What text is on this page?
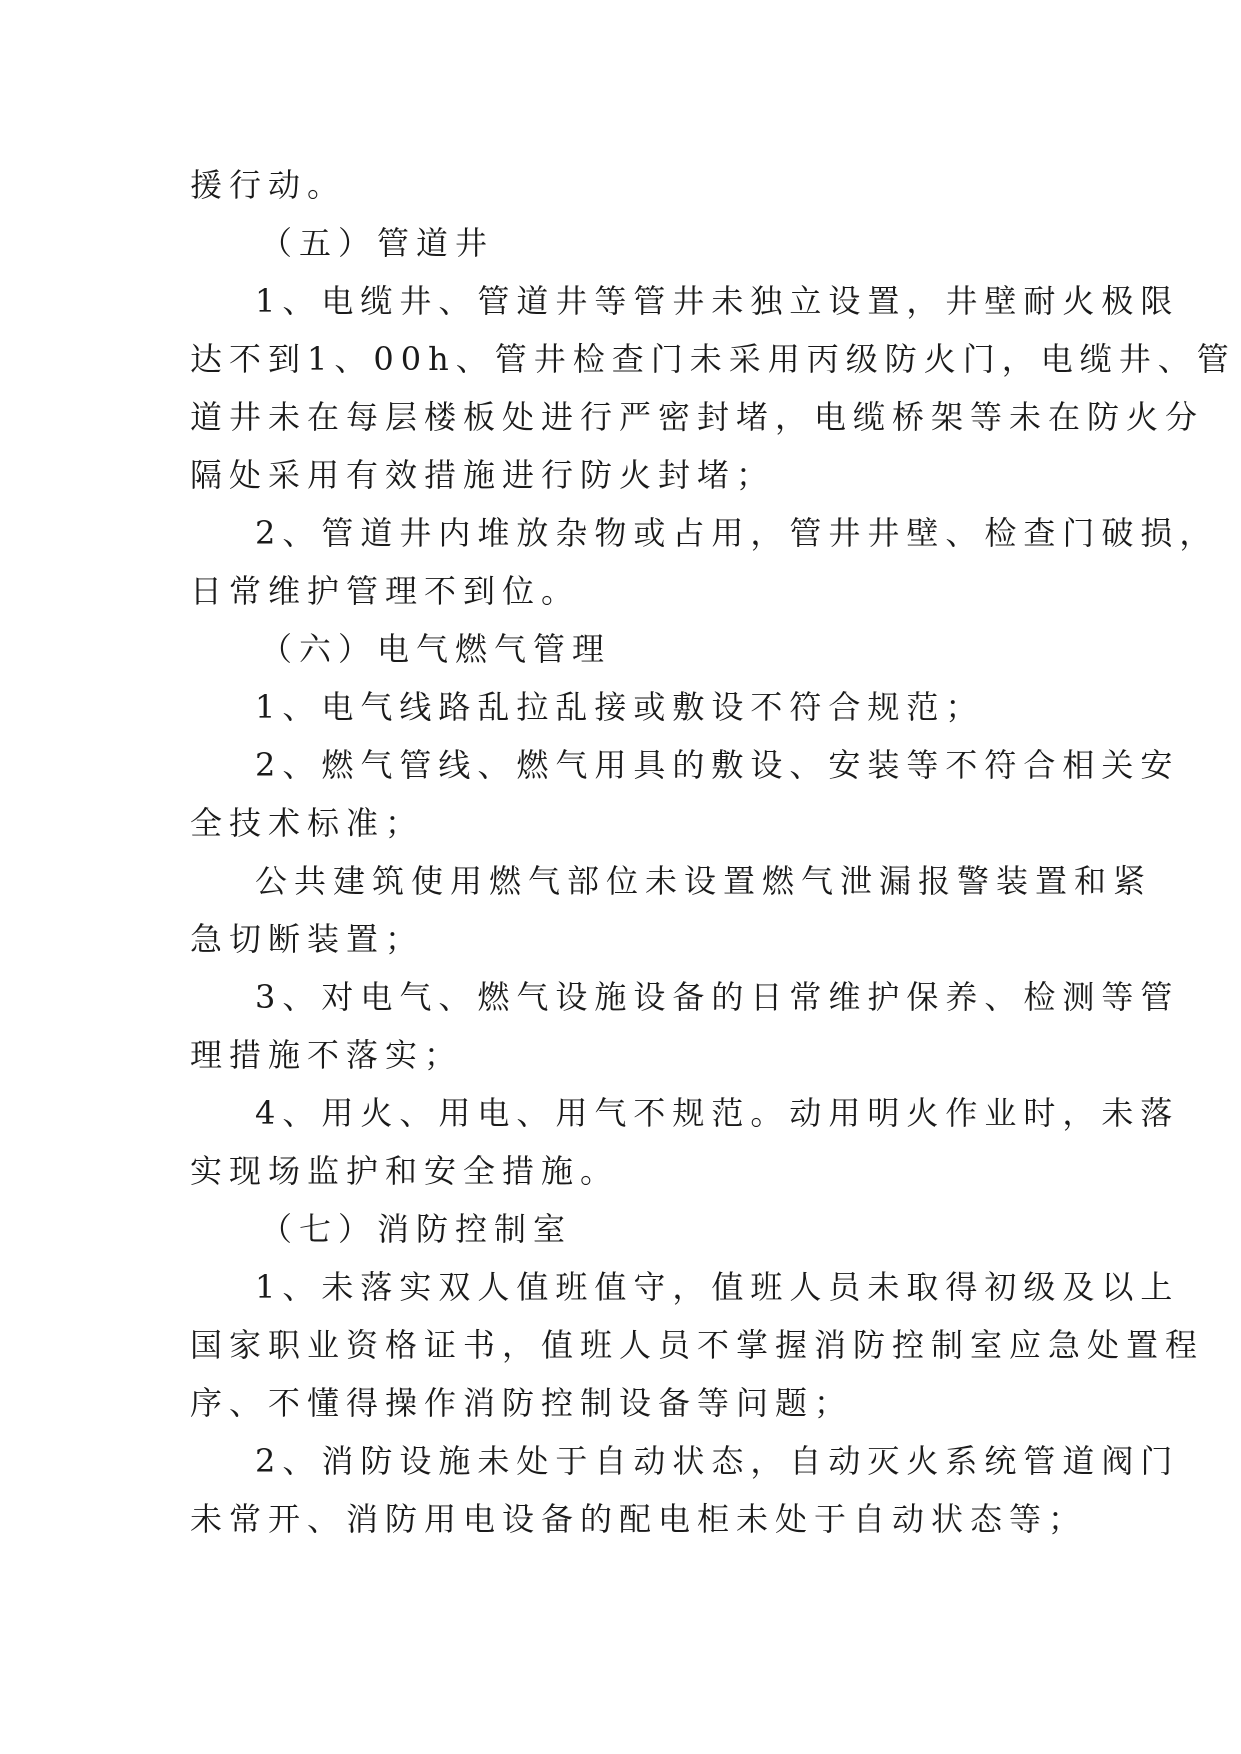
援行动。
（五）管道井
1、电缆井、管道井等管井未独立设置，井壁耐火极限
达不到1、00h、管井检查门未采用丙级防火门，电缆井、管
道井未在每层楼板处进行严密封堵，电缆桥架等未在防火分
隔处采用有效措施进行防火封堵；
2、管道井内堆放杂物或占用，管井井壁、检查门破损，
日常维护管理不到位。
（六）电气燃气管理
1、电气线路乱拉乱接或敷设不符合规范；
2、燃气管线、燃气用具的敷设、安装等不符合相关安
全技术标准；
公共建筑使用燃气部位未设置燃气泄漏报警装置和紧
急切断装置；
3、对电气、燃气设施设备的日常维护保养、检测等管
理措施不落实；
4、用火、用电、用气不规范。动用明火作业时，未落
实现场监护和安全措施。
（七）消防控制室
1、未落实双人值班值守，值班人员未取得初级及以上
国家职业资格证书，值班人员不掌握消防控制室应急处置程
序、不懂得操作消防控制设备等问题；
2、消防设施未处于自动状态，自动灭火系统管道阀门
未常开、消防用电设备的配电柜未处于自动状态等；
